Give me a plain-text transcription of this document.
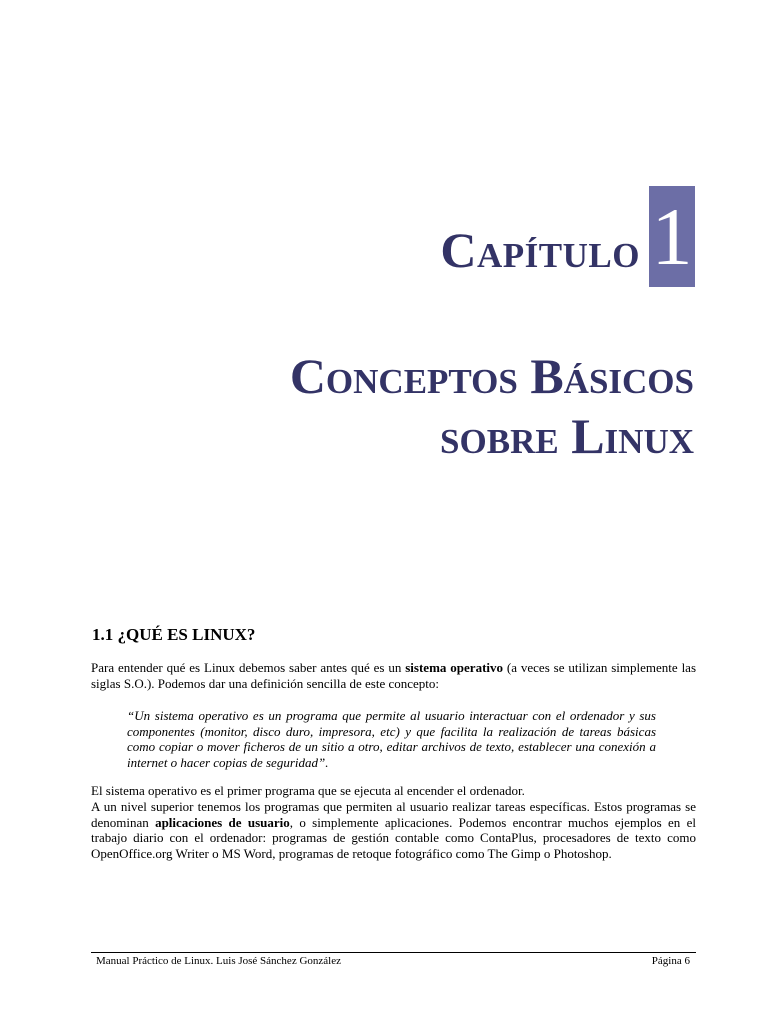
Capítulo 1
Conceptos Básicos
sobre Linux
1.1 ¿QUÉ ES LINUX?
Para entender qué es Linux debemos saber antes qué es un sistema operativo (a veces se utilizan simplemente las siglas S.O.). Podemos dar una definición sencilla de este concepto:
“Un sistema operativo es un programa que permite al usuario interactuar con el ordenador y sus componentes (monitor, disco duro, impresora, etc) y que facilita la realización de tareas básicas como copiar o mover ficheros de un sitio a otro, editar archivos de texto, establecer una conexión a internet o hacer copias de seguridad”.
El sistema operativo es el primer programa que se ejecuta al encender el ordenador.
A un nivel superior tenemos los programas que permiten al usuario realizar tareas específicas. Estos programas se denominan aplicaciones de usuario, o simplemente aplicaciones. Podemos encontrar muchos ejemplos en el trabajo diario con el ordenador: programas de gestión contable como ContaPlus, procesadores de texto como OpenOffice.org Writer o MS Word, programas de retoque fotográfico como The Gimp o Photoshop.
Manual Práctico de Linux. Luis José Sánchez González	Página 6
